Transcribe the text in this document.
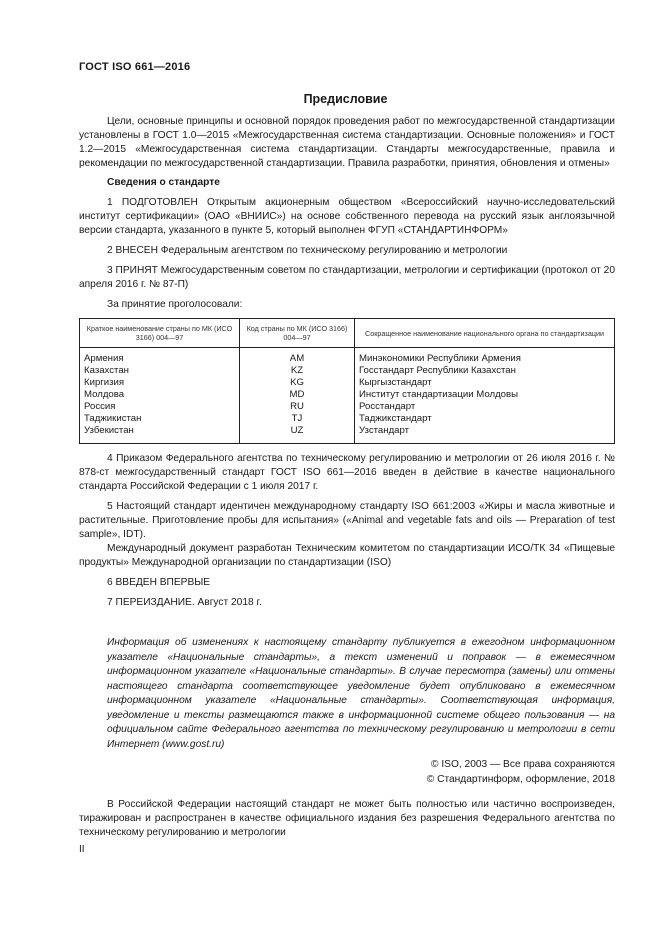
ГОСТ ISO 661—2016
Предисловие

Цели, основные принципы и основной порядок проведения работ по межгосударственной стандартизации установлены в ГОСТ 1.0—2015 «Межгосударственная система стандартизации. Основные положения» и ГОСТ 1.2—2015 «Межгосударственная система стандартизации. Стандарты межгосударственные, правила и рекомендации по межгосударственной стандартизации. Правила разработки, принятия, обновления и отмены»

Сведения о стандарте

1 ПОДГОТОВЛЕН Открытым акционерным обществом «Всероссийский научно-исследовательский институт сертификации» (ОАО «ВНИИС») на основе собственного перевода на русский язык англоязычной версии стандарта, указанного в пункте 5, который выполнен ФГУП «СТАНДАРТИНФОРМ»

2 ВНЕСЕН Федеральным агентством по техническому регулированию и метрологии

3 ПРИНЯТ Межгосударственным советом по стандартизации, метрологии и сертификации (протокол от 20 апреля 2016 г. № 87-П)

За принятие проголосовали:

Краткое наименование страны по МК (ИСО 3166) 004—97	Код страны по МК (ИСО 3166) 004—97	Сокращенное наименование национального органа по стандартизации
Армения	AM	Минэкономики Республики Армения
Казахстан	KZ	Госстандарт Республики Казахстан
Киргизия	KG	Кыргызстандарт
Молдова	MD	Институт стандартизации Молдовы
Россия	RU	Росстандарт
Таджикистан	TJ	Таджикстандарт
Узбекистан	UZ	Узстандарт

4 Приказом Федерального агентства по техническому регулированию и метрологии от 26 июля 2016 г. № 878-ст межгосударственный стандарт ГОСТ ISO 661—2016 введен в действие в качестве национального стандарта Российской Федерации с 1 июля 2017 г.

5 Настоящий стандарт идентичен международному стандарту ISO 661:2003 «Жиры и масла животные и растительные. Приготовление пробы для испытания» («Animal and vegetable fats and oils — Preparation of test sample», IDT).

Международный документ разработан Техническим комитетом по стандартизации ИСО/ТК 34 «Пищевые продукты» Международной организации по стандартизации (ISO)

6 ВВЕДЕН ВПЕРВЫЕ

7 ПЕРЕИЗДАНИЕ. Август 2018 г.

Информация об изменениях к настоящему стандарту публикуется в ежегодном информационном указателе «Национальные стандарты», а текст изменений и поправок — в ежемесячном информационном указателе «Национальные стандарты». В случае пересмотра (замены) или отмены настоящего стандарта соответствующее уведомление будет опубликовано в ежемесячном информационном указателе «Национальные стандарты». Соответствующая информация, уведомление и тексты размещаются также в информационной системе общего пользования — на официальном сайте Федерального агентства по техническому регулированию и метрологии в сети Интернет (www.gost.ru)

© ISO, 2003 — Все права сохраняются
© Стандартинформ, оформление, 2018

В Российской Федерации настоящий стандарт не может быть полностью или частично воспроизведен, тиражирован и распространен в качестве официального издания без разрешения Федерального агентства по техническому регулированию и метрологии

II
